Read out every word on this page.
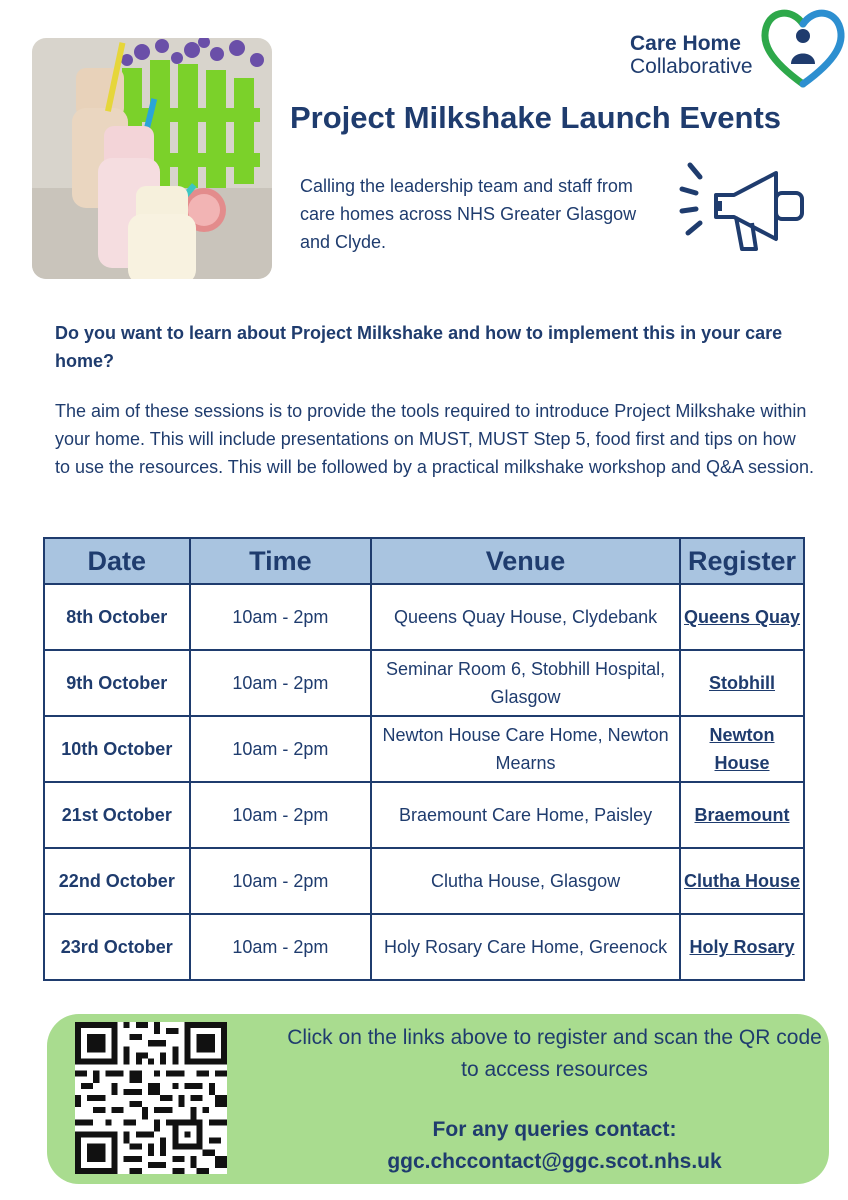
Care Home
Collaborative
Project Milkshake Launch Events
Calling the leadership team and staff from care homes across NHS Greater Glasgow and Clyde.
Do you want to learn about Project Milkshake and how to implement this in your care home?
The aim of these sessions is to provide the tools required to introduce Project Milkshake within your home. This will include presentations on MUST, MUST Step 5, food first and tips on how to use the resources. This will be followed by a practical milkshake workshop and Q&A session.
Date	Time	Venue	Register
8th October	10am - 2pm	Queens Quay House, Clydebank	Queens Quay
9th October	10am - 2pm	Seminar Room 6, Stobhill Hospital, Glasgow	Stobhill
10th October	10am - 2pm	Newton House Care Home, Newton Mearns	Newton House
21st October	10am - 2pm	Braemount Care Home, Paisley	Braemount
22nd October	10am - 2pm	Clutha House, Glasgow	Clutha House
23rd October	10am - 2pm	Holy Rosary Care Home, Greenock	Holy Rosary
Click on the links above to register and scan the QR code to access resources
For any queries contact:
ggc.chccontact@ggc.scot.nhs.uk
